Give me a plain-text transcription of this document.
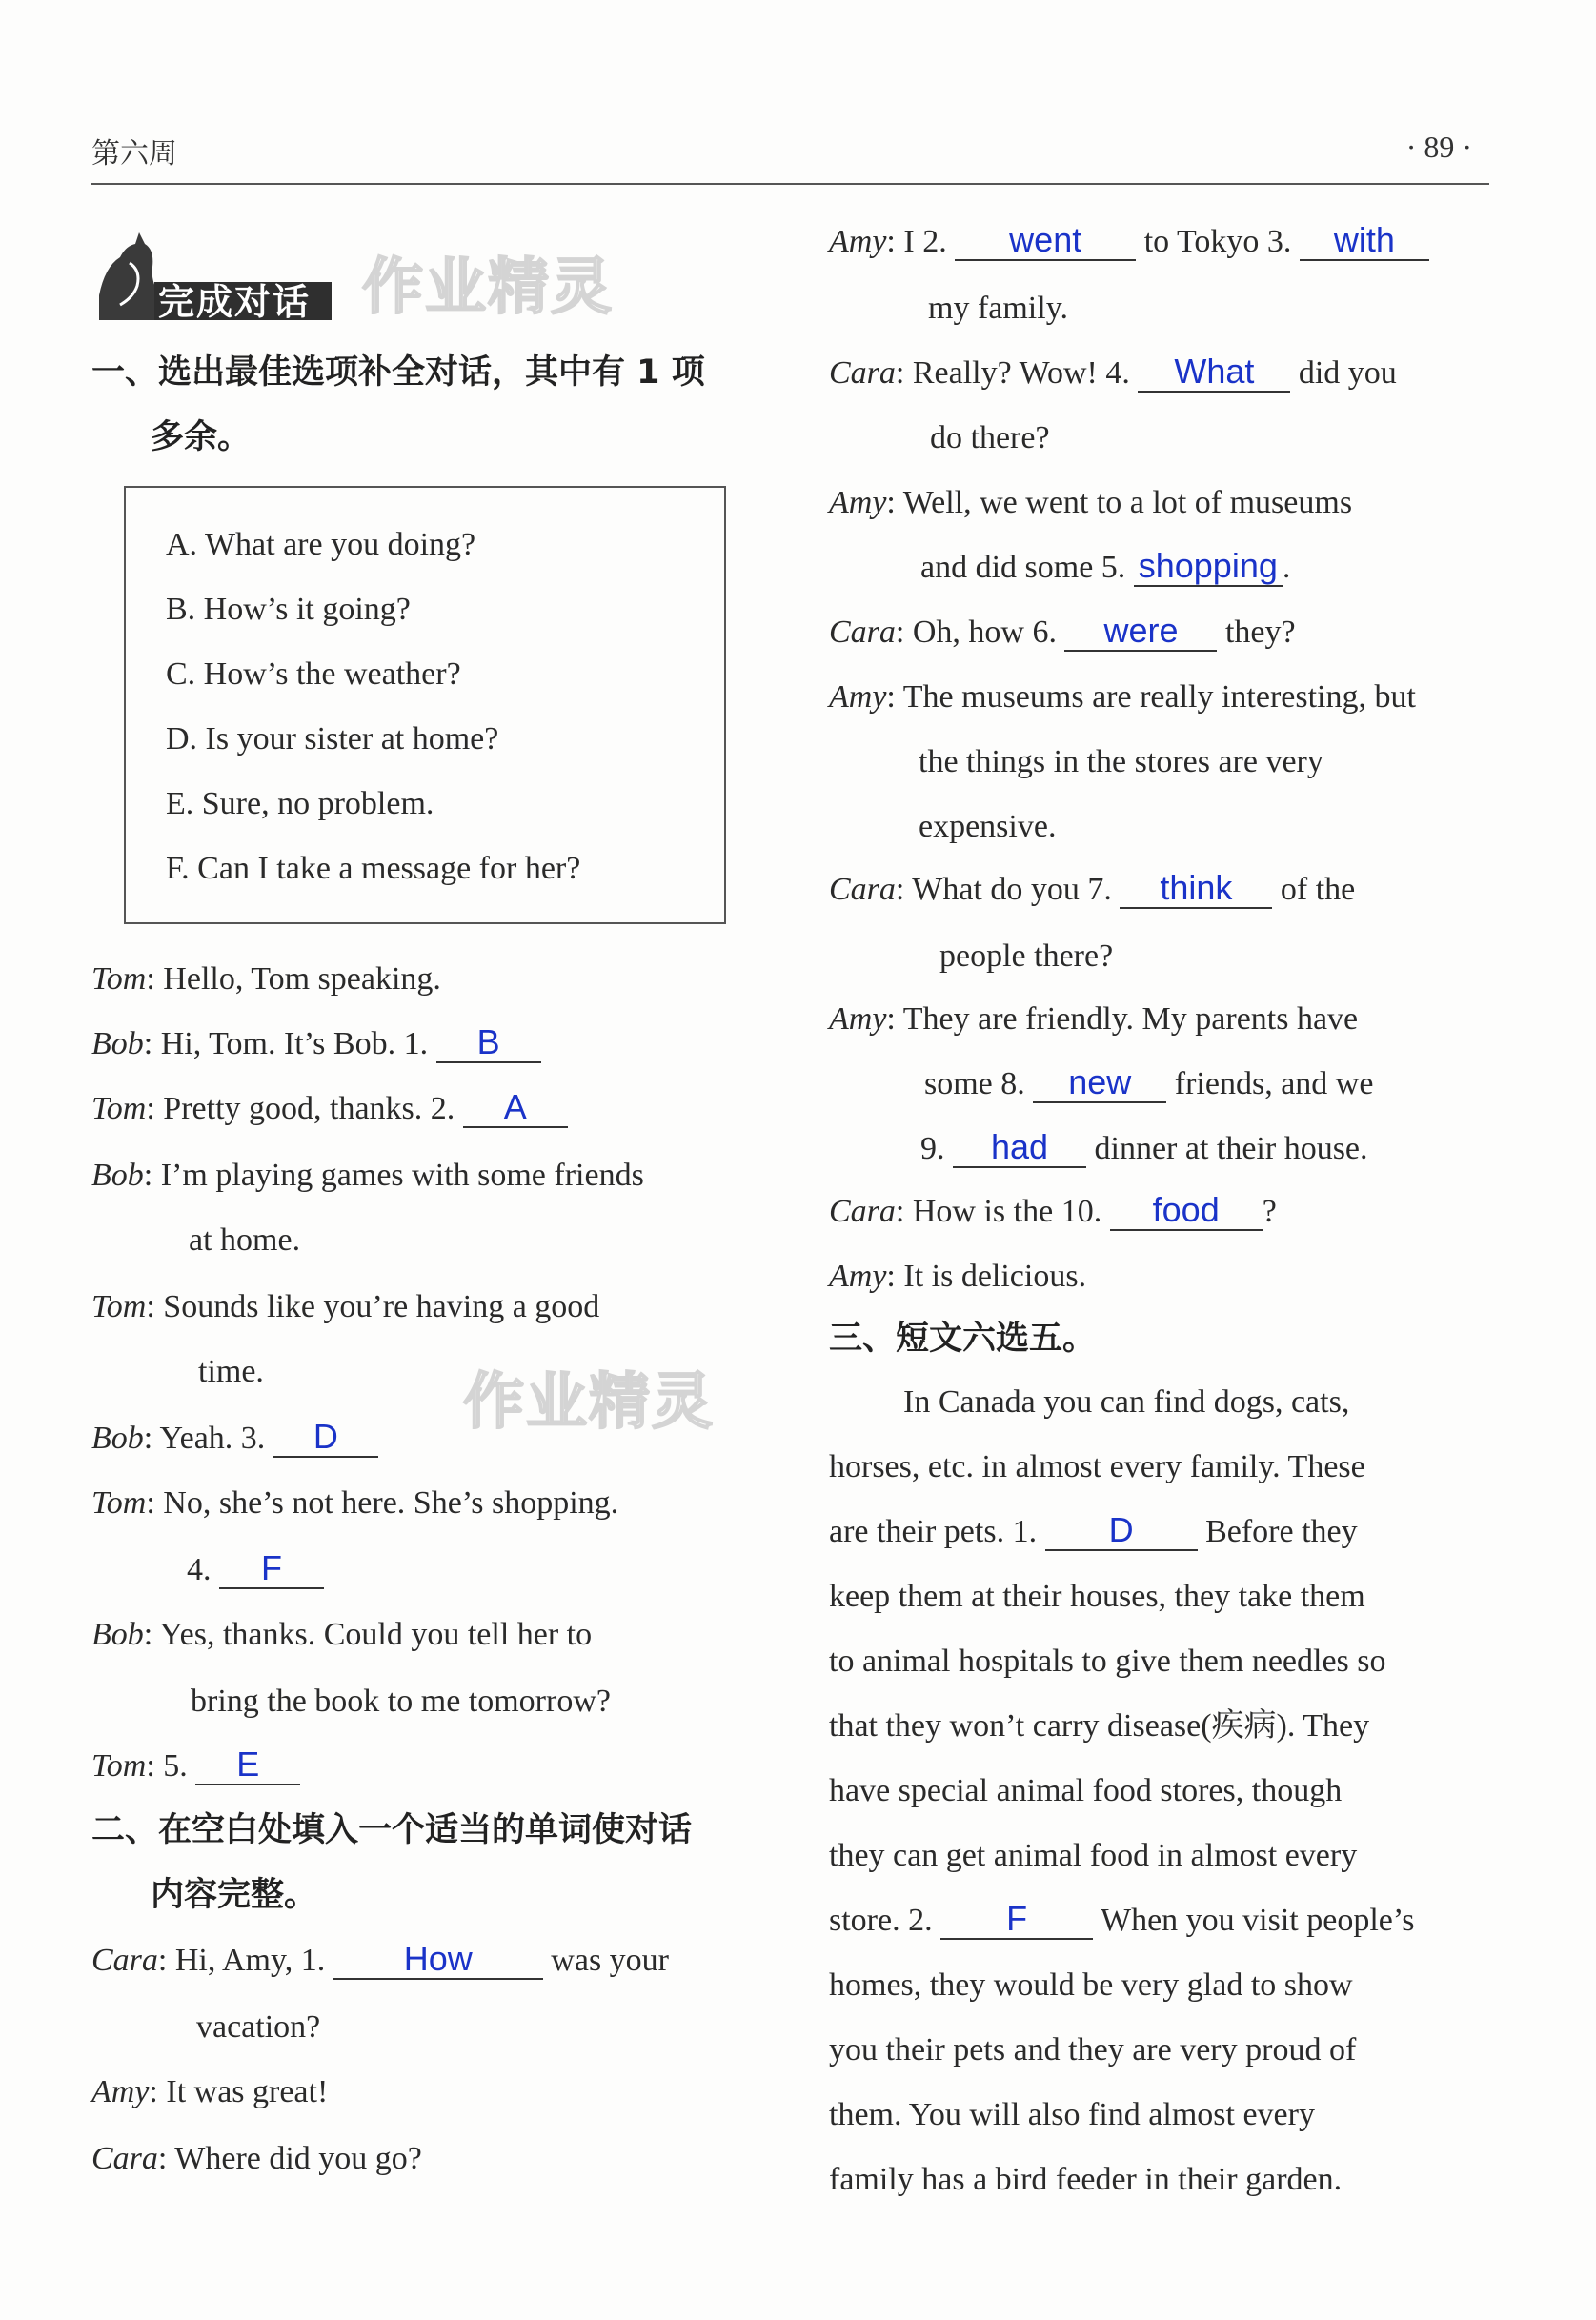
第六周	· 89 ·
完成对话 作业精灵
作业精灵
一、选出最佳选项补全对话，其中有 1 项
多余。
A. What are you doing?
B. How’s it going?
C. How’s the weather?
D. Is your sister at home?
E. Sure, no problem.
F. Can I take a message for her?
Tom: Hello, Tom speaking.
Bob: Hi, Tom. It’s Bob. 1. B
Tom: Pretty good, thanks. 2. A
Bob: I’m playing games with some friends
at home.
Tom: Sounds like you’re having a good
time.
Bob: Yeah. 3. D
Tom: No, she’s not here. She’s shopping.
4. F
Bob: Yes, thanks. Could you tell her to
bring the book to me tomorrow?
Tom: 5. E
二、在空白处填入一个适当的单词使对话
内容完整。
Cara: Hi, Amy, 1. How was your
vacation?
Amy: It was great!
Cara: Where did you go?
Amy: I 2. went to Tokyo 3. with
my family.
Cara: Really? Wow! 4. What did you
do there?
Amy: Well, we went to a lot of museums
and did some 5. shopping .
Cara: Oh, how 6. were they?
Amy: The museums are really interesting, but
the things in the stores are very
expensive.
Cara: What do you 7. think of the
people there?
Amy: They are friendly. My parents have
some 8. new friends, and we
9. had dinner at their house.
Cara: How is the 10. food ?
Amy: It is delicious.
三、短文六选五。
In Canada you can find dogs, cats,
horses, etc. in almost every family. These
are their pets. 1. D Before they
keep them at their houses, they take them
to animal hospitals to give them needles so
that they won’t carry disease(疾病). They
have special animal food stores, though
they can get animal food in almost every
store. 2. F When you visit people’s
homes, they would be very glad to show
you their pets and they are very proud of
them. You will also find almost every
family has a bird feeder in their garden.
